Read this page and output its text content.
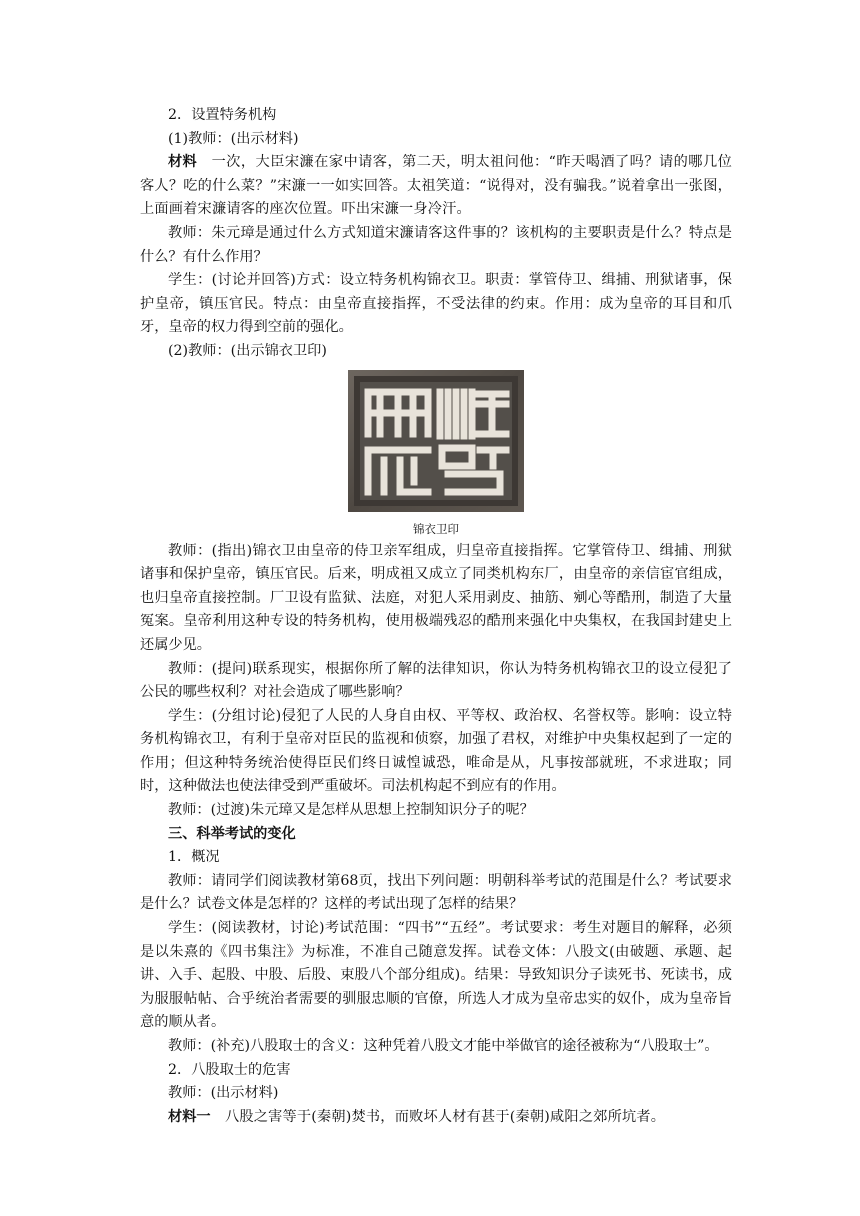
2．设置特务机构

(1)教师：(出示材料)

材料　一次，大臣宋濂在家中请客，第二天，明太祖问他：“昨天喝酒了吗？请的哪几位客人？吃的什么菜？”宋濂一一如实回答。太祖笑道：“说得对，没有骗我。”说着拿出一张图，上面画着宋濂请客的座次位置。吓出宋濂一身冷汗。

教师：朱元璋是通过什么方式知道宋濂请客这件事的？该机构的主要职责是什么？特点是什么？有什么作用？

学生：(讨论并回答)方式：设立特务机构锦衣卫。职责：掌管侍卫、缉捕、刑狱诸事，保护皇帝，镇压官民。特点：由皇帝直接指挥，不受法律的约束。作用：成为皇帝的耳目和爪牙，皇帝的权力得到空前的强化。

(2)教师：(出示锦衣卫印)

锦衣卫印

教师：(指出)锦衣卫由皇帝的侍卫亲军组成，归皇帝直接指挥。它掌管侍卫、缉捕、刑狱诸事和保护皇帝，镇压官民。后来，明成祖又成立了同类机构东厂，由皇帝的亲信宦官组成，也归皇帝直接控制。厂卫设有监狱、法庭，对犯人采用剥皮、抽筋、剜心等酷刑，制造了大量冤案。皇帝利用这种专设的特务机构，使用极端残忍的酷刑来强化中央集权，在我国封建史上还属少见。

教师：(提问)联系现实，根据你所了解的法律知识，你认为特务机构锦衣卫的设立侵犯了公民的哪些权利？对社会造成了哪些影响？

学生：(分组讨论)侵犯了人民的人身自由权、平等权、政治权、名誉权等。影响：设立特务机构锦衣卫，有利于皇帝对臣民的监视和侦察，加强了君权，对维护中央集权起到了一定的作用；但这种特务统治使得臣民们终日诚惶诚恐，唯命是从，凡事按部就班，不求进取；同时，这种做法也使法律受到严重破坏。司法机构起不到应有的作用。

教师：(过渡)朱元璋又是怎样从思想上控制知识分子的呢？

三、科举考试的变化

1．概况

教师：请同学们阅读教材第68页，找出下列问题：明朝科举考试的范围是什么？考试要求是什么？试卷文体是怎样的？这样的考试出现了怎样的结果？

学生：(阅读教材，讨论)考试范围：“四书”“五经”。考试要求：考生对题目的解释，必须是以朱熹的《四书集注》为标准，不准自己随意发挥。试卷文体：八股文(由破题、承题、起讲、入手、起股、中股、后股、束股八个部分组成)。结果：导致知识分子读死书、死读书，成为服服帖帖、合乎统治者需要的驯服忠顺的官僚，所选人才成为皇帝忠实的奴仆，成为皇帝旨意的顺从者。

教师：(补充)八股取士的含义：这种凭着八股文才能中举做官的途径被称为“八股取士”。

2．八股取士的危害

教师：(出示材料)

材料一　八股之害等于(秦朝)焚书，而败坏人材有甚于(秦朝)咸阳之郊所坑者。
